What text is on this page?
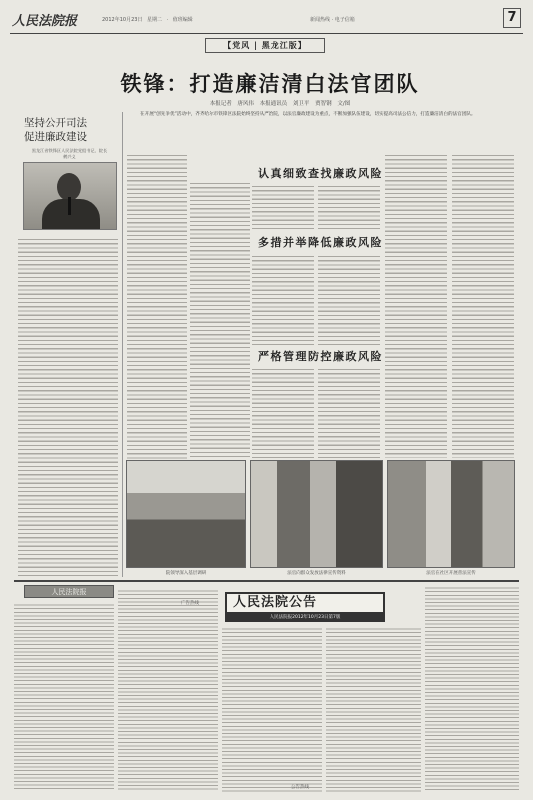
人民法院报	2012年10月23日 星期二 · 值班编辑	新闻热线 · 电子信箱	7
【党风 | 黑龙江版】
铁锋：打造廉洁清白法官团队
本报记者 唐风伟 本报通讯员 刘卫平 贾智钢 文/图
坚持公开司法
促进廉政建设
黑龙江省铁锋区人民法院党组书记、院长
鹤兴义
在开展“创先争优”活动中，齐齐哈尔市铁锋区法院始终坚持从严治院，以法官廉政建设为重点，不断加强队伍建设，切实提高司法公信力，打造廉洁清白的法官团队。
认真细致查找廉政风险
多措并举降低廉政风险
严格管理防控廉政风险
院领导深入基层调研	法官向群众发放法律宣传资料	法官在社区开展普法宣传
人民法院报
人民法院公告
人民法院报2012年10月23日第7版
广告热线
公告热线
